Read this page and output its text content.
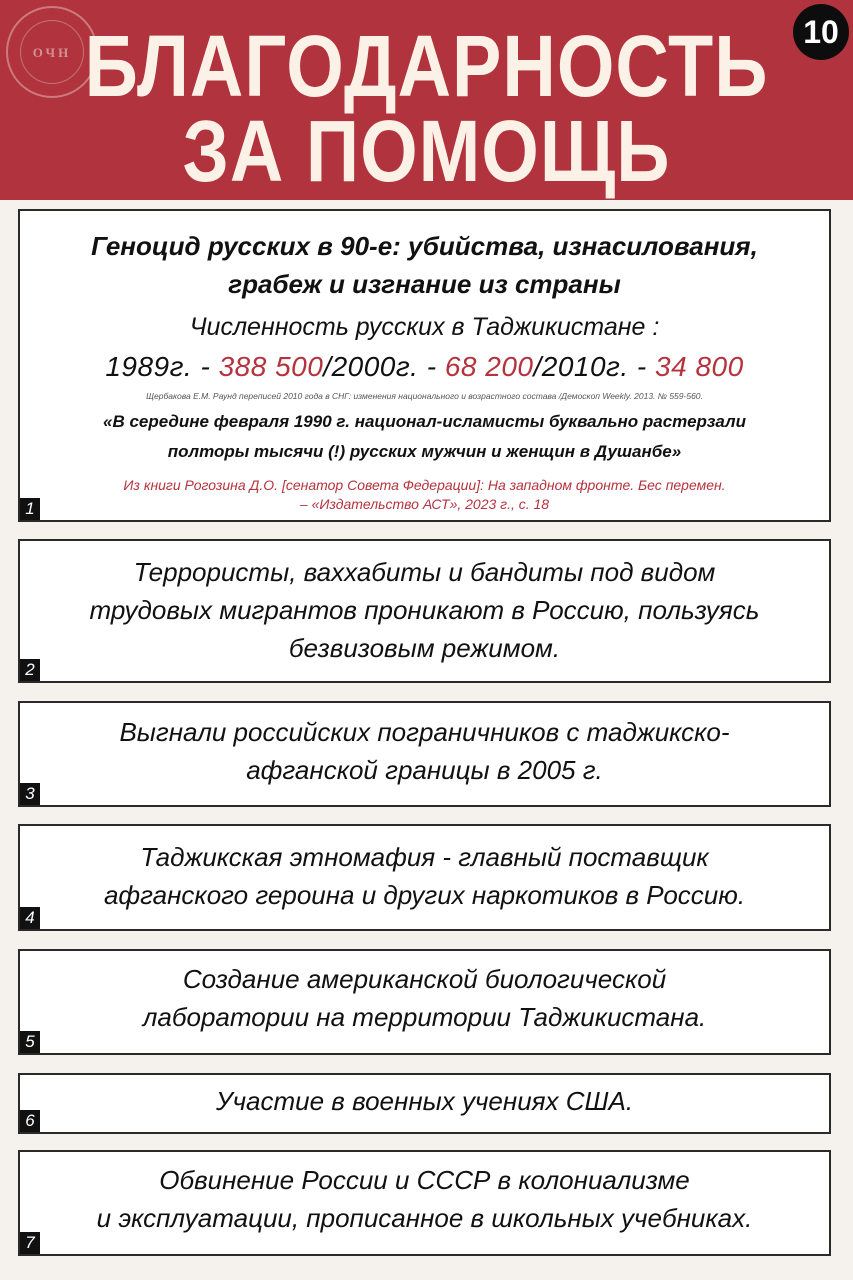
ОЧН БЛАГОДАРНОСТЬ
ЗА ПОМОЩЬ
10
Геноцид русских в 90-е: убийства, изнасилования,
грабеж и изгнание из страны
Численность русских в Таджикистане :
1989г. - 388 500/2000г. - 68 200/2010г. - 34 800
Щербакова Е.М. Раунд переписей 2010 года в СНГ: изменения национального и возрастного состава /Демоскоп Weekly. 2013. № 559-560.
«В середине февраля 1990 г. национал-исламисты буквально растерзали
полторы тысячи (!) русских мужчин и женщин в Душанбе»
Из книги Рогозина Д.О. [сенатор Совета Федерации]: На западном фронте. Бес перемен.
– «Издательство АСТ», 2023 г., с. 18
1
Террористы, ваххабиты и бандиты под видом
трудовых мигрантов проникают в Россию, пользуясь
безвизовым режимом.
2
Выгнали российских пограничников с таджикско-
афганской границы в 2005 г.
3
Таджикская этномафия - главный поставщик
афганского героина и других наркотиков в Россию.
4
Создание американской биологической
лаборатории на территории Таджикистана.
5
Участие в военных учениях США.
6
Обвинение России и СССР в колониализме
и эксплуатации, прописанное в школьных учебниках.
7
